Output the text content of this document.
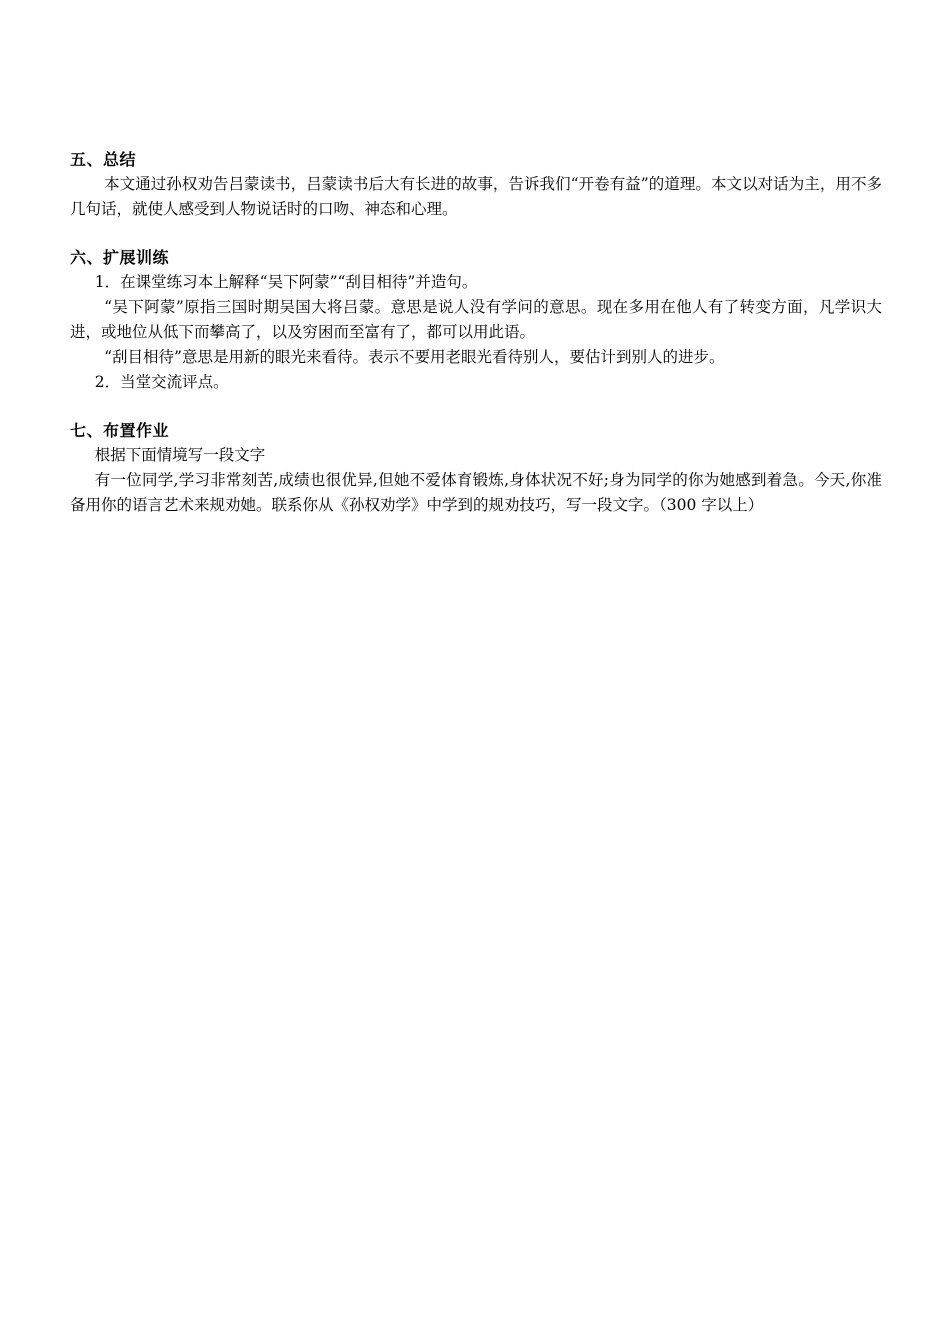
五、总结

本文通过孙权劝告吕蒙读书，吕蒙读书后大有长进的故事，告诉我们“开卷有益”的道理。本文以对话为主，用不多几句话，就使人感受到人物说话时的口吻、神态和心理。

六、扩展训练

1．在课堂练习本上解释“吴下阿蒙”“刮目相待”并造句。

“吴下阿蒙”原指三国时期吴国大将吕蒙。意思是说人没有学问的意思。现在多用在他人有了转变方面，凡学识大进，或地位从低下而攀高了，以及穷困而至富有了，都可以用此语。

“刮目相待”意思是用新的眼光来看待。表示不要用老眼光看待别人，要估计到别人的进步。

2．当堂交流评点。

七、布置作业

根据下面情境写一段文字

有一位同学,学习非常刻苦,成绩也很优异,但她不爱体育锻炼,身体状况不好;身为同学的你为她感到着急。今天,你准备用你的语言艺术来规劝她。联系你从《孙权劝学》中学到的规劝技巧，写一段文字。（300 字以上）
